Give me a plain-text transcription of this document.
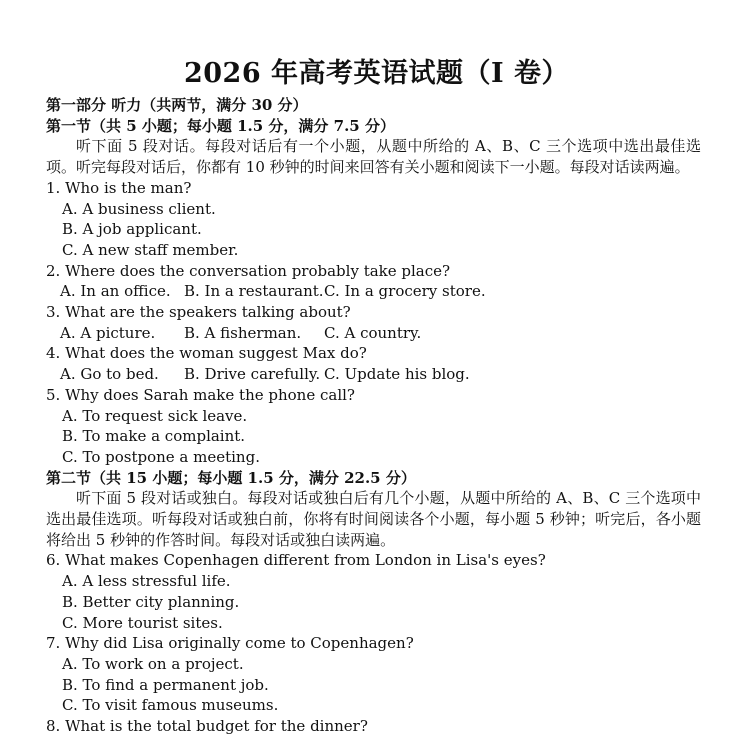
2026 年高考英语试题（I 卷）
第一部分 听力（共两节，满分 30 分）
第一节（共 5 小题；每小题 1.5 分，满分 7.5 分）
听下面 5 段对话。每段对话后有一个小题，从题中所给的 A、B、C 三个选项中选出最佳选项。听完每段对话后，你都有 10 秒钟的时间来回答有关小题和阅读下一小题。每段对话读两遍。
1. Who is the man?
A. A business client.
B. A job applicant.
C. A new staff member.
2. Where does the conversation probably take place?
A. In an office. B. In a restaurant. C. In a grocery store.
3. What are the speakers talking about?
A. A picture.	B. A fisherman.	C. A country.
4. What does the woman suggest Max do?
A. Go to bed.	B. Drive carefully. C. Update his blog.
5. Why does Sarah make the phone call?
A. To request sick leave.
B. To make a complaint.
C. To postpone a meeting.
第二节（共 15 小题；每小题 1.5 分，满分 22.5 分）
听下面 5 段对话或独白。每段对话或独白后有几个小题，从题中所给的 A、B、C 三个选项中选出最佳选项。听每段对话或独白前，你将有时间阅读各个小题，每小题 5 秒钟；听完后，各小题将给出 5 秒钟的作答时间。每段对话或独白读两遍。
6. What makes Copenhagen different from London in Lisa's eyes?
A. A less stressful life.
B. Better city planning.
C. More tourist sites.
7. Why did Lisa originally come to Copenhagen?
A. To work on a project.
B. To find a permanent job.
C. To visit famous museums.
8. What is the total budget for the dinner?
